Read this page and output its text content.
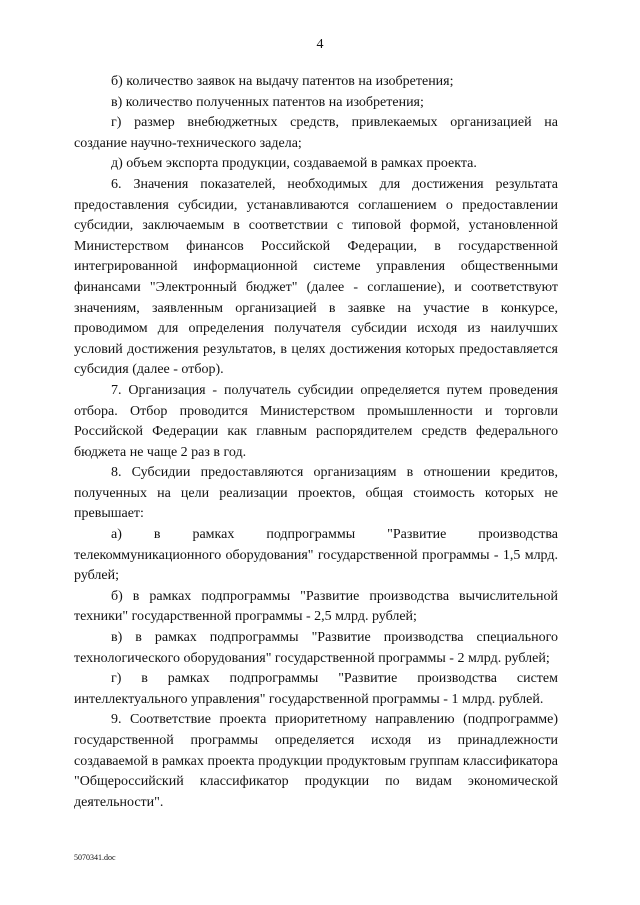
4

б) количество заявок на выдачу патентов на изобретения;

в) количество полученных патентов на изобретения;

г) размер внебюджетных средств, привлекаемых организацией на создание научно-технического задела;

д) объем экспорта продукции, создаваемой в рамках проекта.

6. Значения показателей, необходимых для достижения результата предоставления субсидии, устанавливаются соглашением о предоставлении субсидии, заключаемым в соответствии с типовой формой, установленной Министерством финансов Российской Федерации, в государственной интегрированной информационной системе управления общественными финансами "Электронный бюджет" (далее - соглашение), и соответствуют значениям, заявленным организацией в заявке на участие в конкурсе, проводимом для определения получателя субсидии исходя из наилучших условий достижения результатов, в целях достижения которых предоставляется субсидия (далее - отбор).

7. Организация - получатель субсидии определяется путем проведения отбора. Отбор проводится Министерством промышленности и торговли Российской Федерации как главным распорядителем средств федерального бюджета не чаще 2 раз в год.

8. Субсидии предоставляются организациям в отношении кредитов, полученных на цели реализации проектов, общая стоимость которых не превышает:

а) в рамках подпрограммы "Развитие производства телекоммуникационного оборудования" государственной программы - 1,5 млрд. рублей;

б) в рамках подпрограммы "Развитие производства вычислительной техники" государственной программы - 2,5 млрд. рублей;

в) в рамках подпрограммы "Развитие производства специального технологического оборудования" государственной программы - 2 млрд. рублей;

г) в рамках подпрограммы "Развитие производства систем интеллектуального управления" государственной программы - 1 млрд. рублей.

9. Соответствие проекта приоритетному направлению (подпрограмме) государственной программы определяется исходя из принадлежности создаваемой в рамках проекта продукции продуктовым группам классификатора "Общероссийский классификатор продукции по видам экономической деятельности".

5070341.doc
